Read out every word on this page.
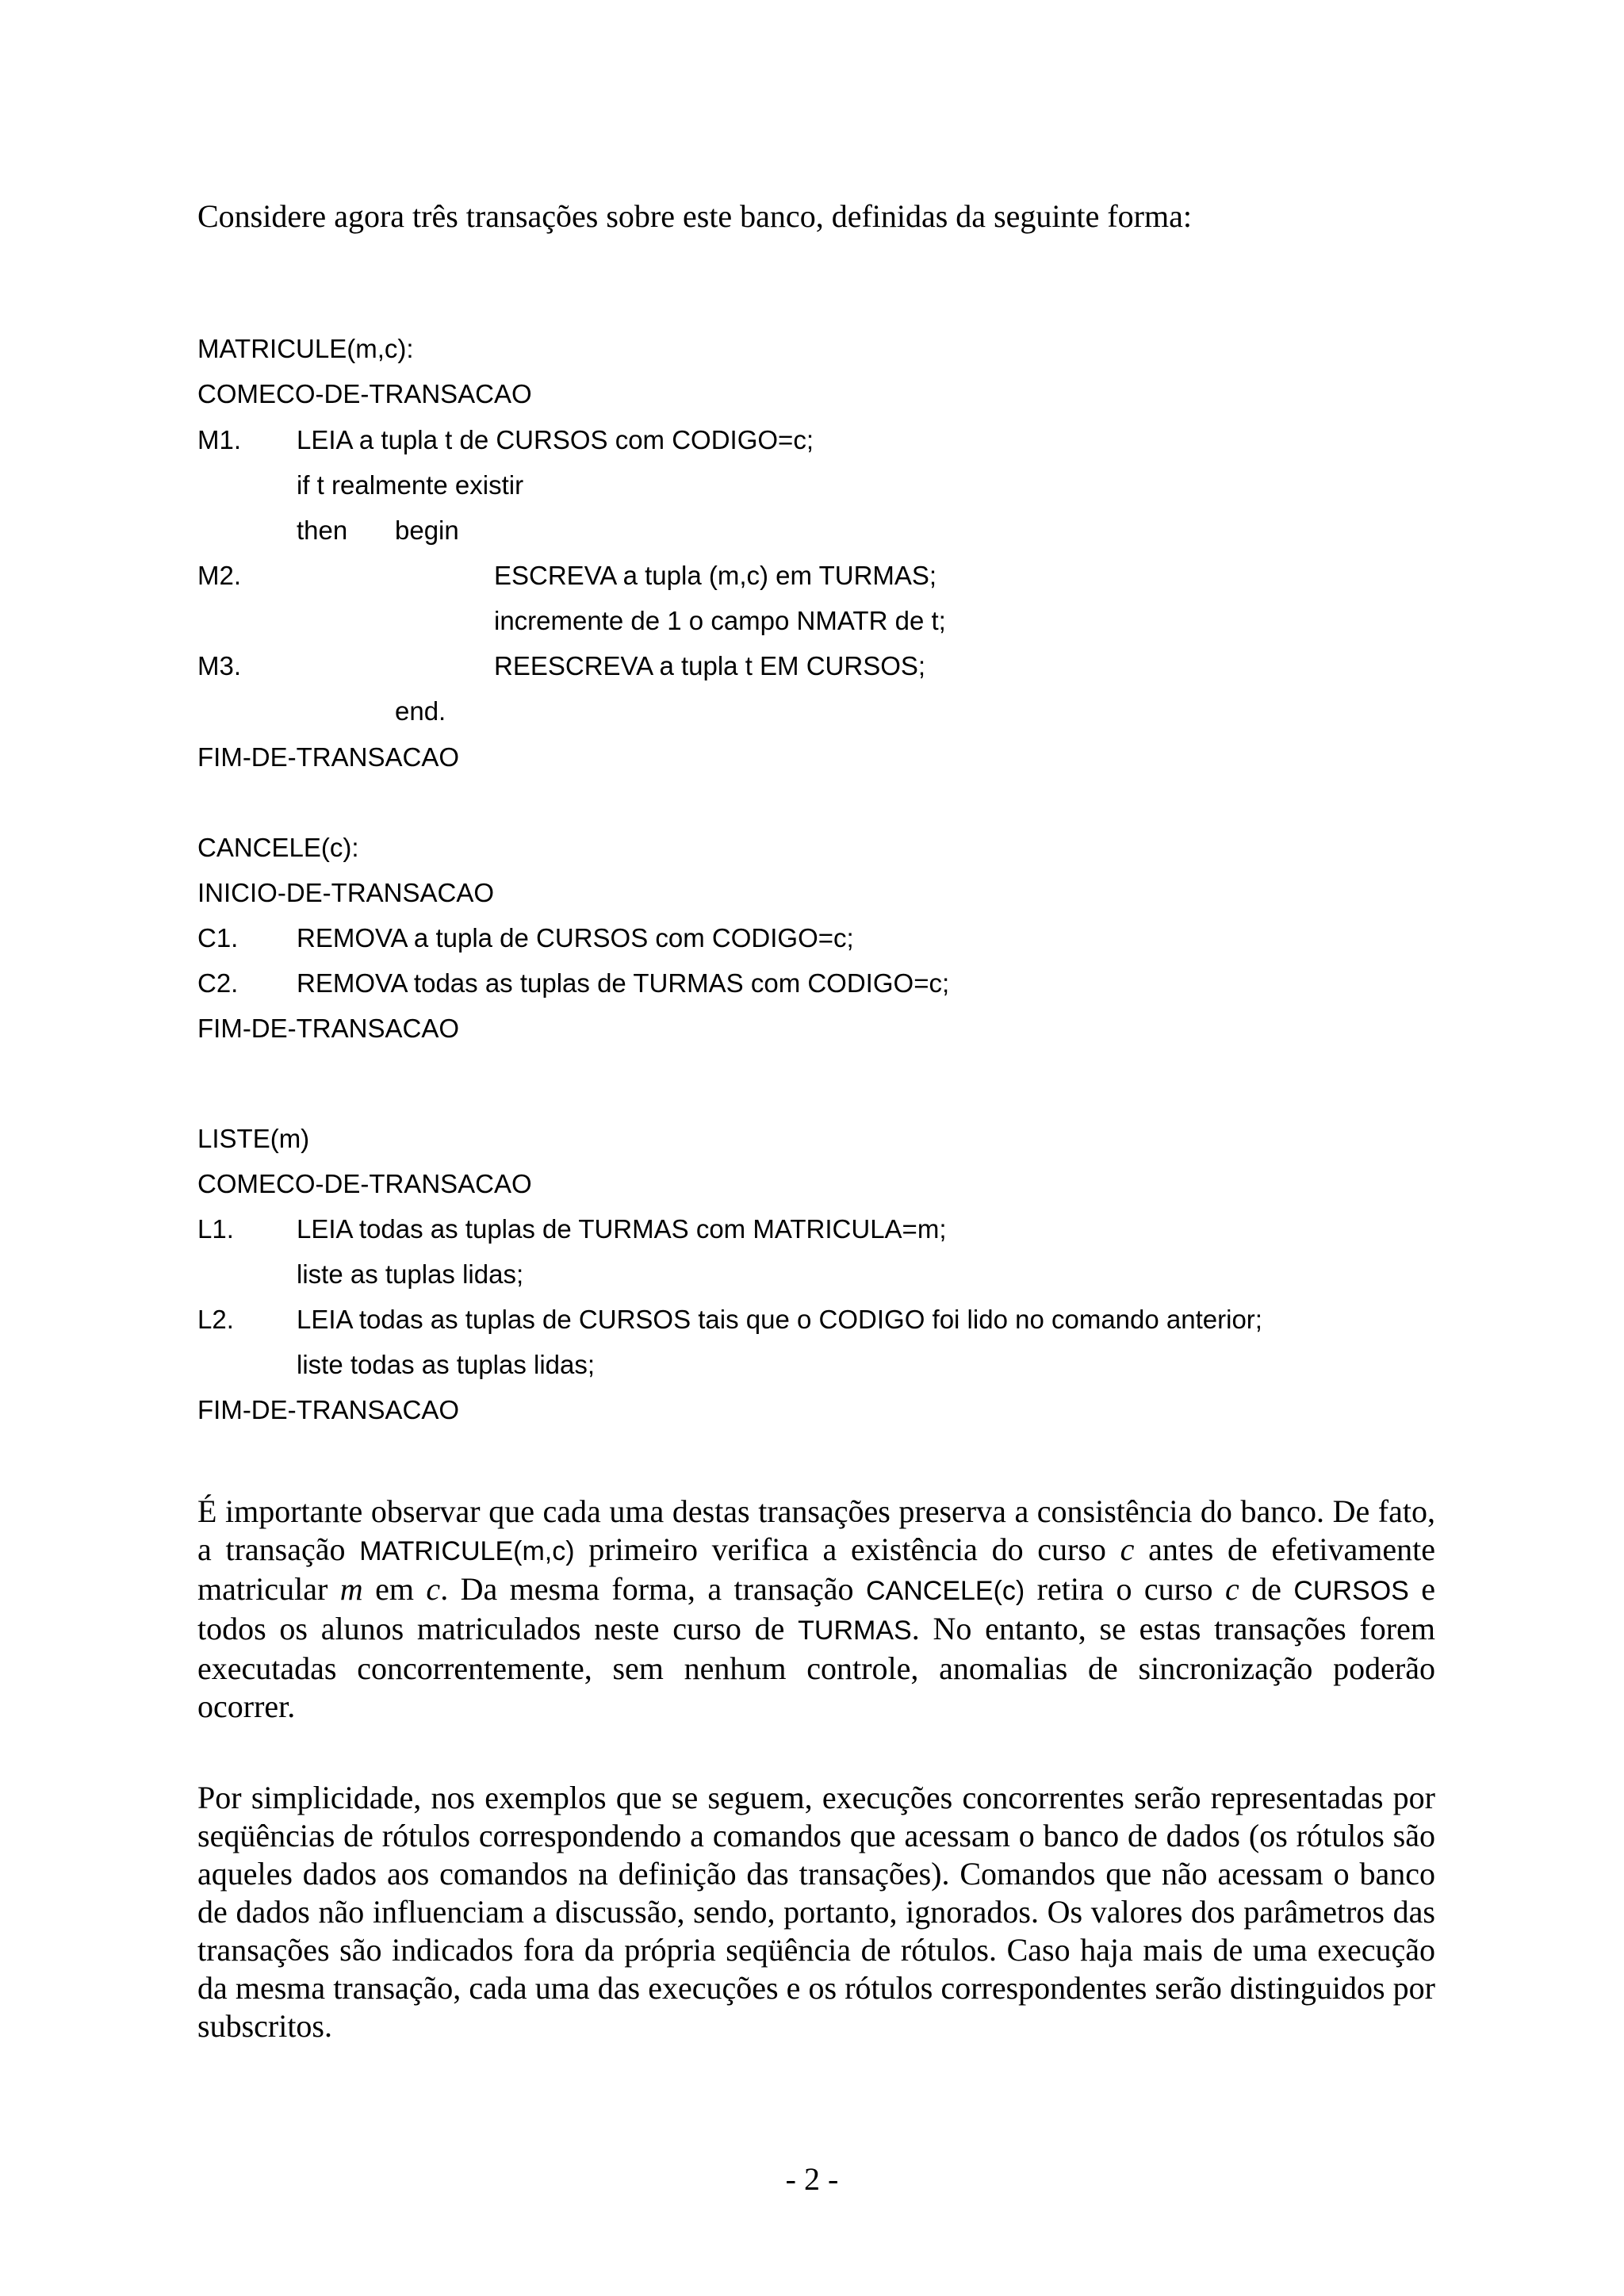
Considere agora três transações sobre este banco, definidas da seguinte forma:
MATRICULE(m,c):
COMECO-DE-TRANSACAO
M1. LEIA a tupla t de CURSOS com CODIGO=c;
if t realmente existir
then begin
M2.	ESCREVA a tupla (m,c) em TURMAS;
incremente de 1 o campo NMATR de t;
M3.	REESCREVA a tupla t EM CURSOS;
end.
FIM-DE-TRANSACAO
CANCELE(c):
INICIO-DE-TRANSACAO
C1. REMOVA a tupla de CURSOS com CODIGO=c;
C2. REMOVA todas as tuplas de TURMAS com CODIGO=c;
FIM-DE-TRANSACAO
LISTE(m)
COMECO-DE-TRANSACAO
L1. LEIA todas as tuplas de TURMAS com MATRICULA=m;
liste as tuplas lidas;
L2. LEIA todas as tuplas de CURSOS tais que o CODIGO foi lido no comando anterior;
liste todas as tuplas lidas;
FIM-DE-TRANSACAO

É importante observar que cada uma destas transações preserva a consistência do banco. De fato, a transação MATRICULE(m,c) primeiro verifica a existência do curso c antes de efetivamente matricular m em c. Da mesma forma, a transação CANCELE(c) retira o curso c de CURSOS e todos os alunos matriculados neste curso de TURMAS. No entanto, se estas transações forem executadas concorrentemente, sem nenhum controle, anomalias de sincronização poderão ocorrer.

Por simplicidade, nos exemplos que se seguem, execuções concorrentes serão representadas por seqüências de rótulos correspondendo a comandos que acessam o banco de dados (os rótulos são aqueles dados aos comandos na definição das transações). Comandos que não acessam o banco de dados não influenciam a discussão, sendo, portanto, ignorados. Os valores dos parâmetros das transações são indicados fora da própria seqüência de rótulos. Caso haja mais de uma execução da mesma transação, cada uma das execuções e os rótulos correspondentes serão distinguidos por subscritos.

- 2 -
